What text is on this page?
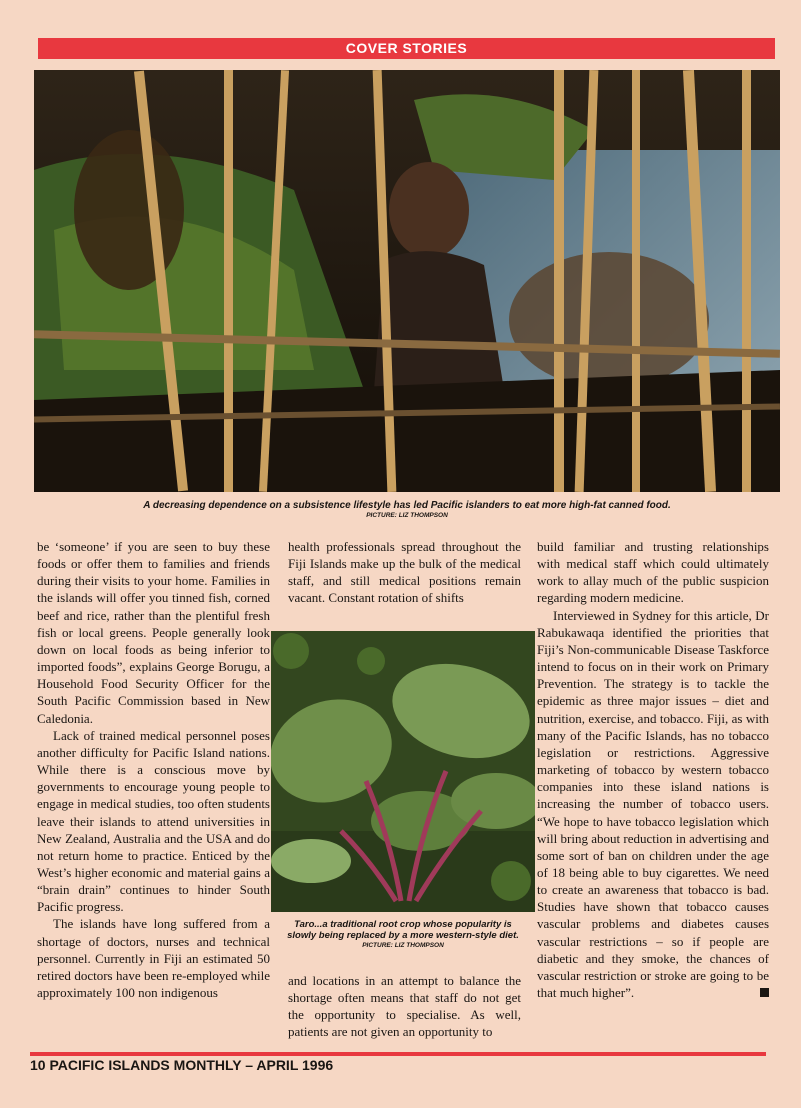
COVER STORIES
A decreasing dependence on a subsistence lifestyle has led Pacific islanders to eat more high-fat canned food.
PICTURE: LIZ THOMPSON

be ‘someone’ if you are seen to buy these foods or offer them to families and friends during their visits to your home. Families in the islands will offer you tinned fish, corned beef and rice, rather than the plentiful fresh fish or local greens. People generally look down on local foods as being inferior to imported foods”, explains George Borugu, a Household Food Security Officer for the South Pacific Commission based in New Caledonia.

Lack of trained medical personnel poses another difficulty for Pacific Island nations. While there is a conscious move by governments to encourage young people to engage in medical studies, too often students leave their islands to attend universities in New Zealand, Australia and the USA and do not return home to practice. Enticed by the West’s higher economic and material gains a “brain drain” continues to hinder South Pacific progress.

The islands have long suffered from a shortage of doctors, nurses and technical personnel. Currently in Fiji an estimated 50 retired doctors have been re-employed while approximately 100 non indigenous

health professionals spread throughout the Fiji Islands make up the bulk of the medical staff, and still medical positions remain vacant. Constant rotation of shifts

Taro...a traditional root crop whose popularity is
slowly being replaced by a more western-style diet.
PICTURE: LIZ THOMPSON

and locations in an attempt to balance the shortage often means that staff do not get the opportunity to specialise. As well, patients are not given an opportunity to

build familiar and trusting relationships with medical staff which could ultimately work to allay much of the public suspicion regarding modern medicine.

Interviewed in Sydney for this article, Dr Rabukawaqa identified the priorities that Fiji’s Non-communicable Disease Taskforce intend to focus on in their work on Primary Prevention. The strategy is to tackle the epidemic as three major issues – diet and nutrition, exercise, and tobacco. Fiji, as with many of the Pacific Islands, has no tobacco legislation or restrictions. Aggressive marketing of tobacco by western tobacco companies into these island nations is increasing the number of tobacco users. “We hope to have tobacco legislation which will bring about reduction in advertising and some sort of ban on children under the age of 18 being able to buy cigarettes. We need to create an awareness that tobacco is bad. Studies have shown that tobacco causes vascular problems and diabetes causes vascular restrictions – so if people are diabetic and they smoke, the chances of vascular restriction or stroke are going to be that much higher”.

10 PACIFIC ISLANDS MONTHLY – APRIL 1996
